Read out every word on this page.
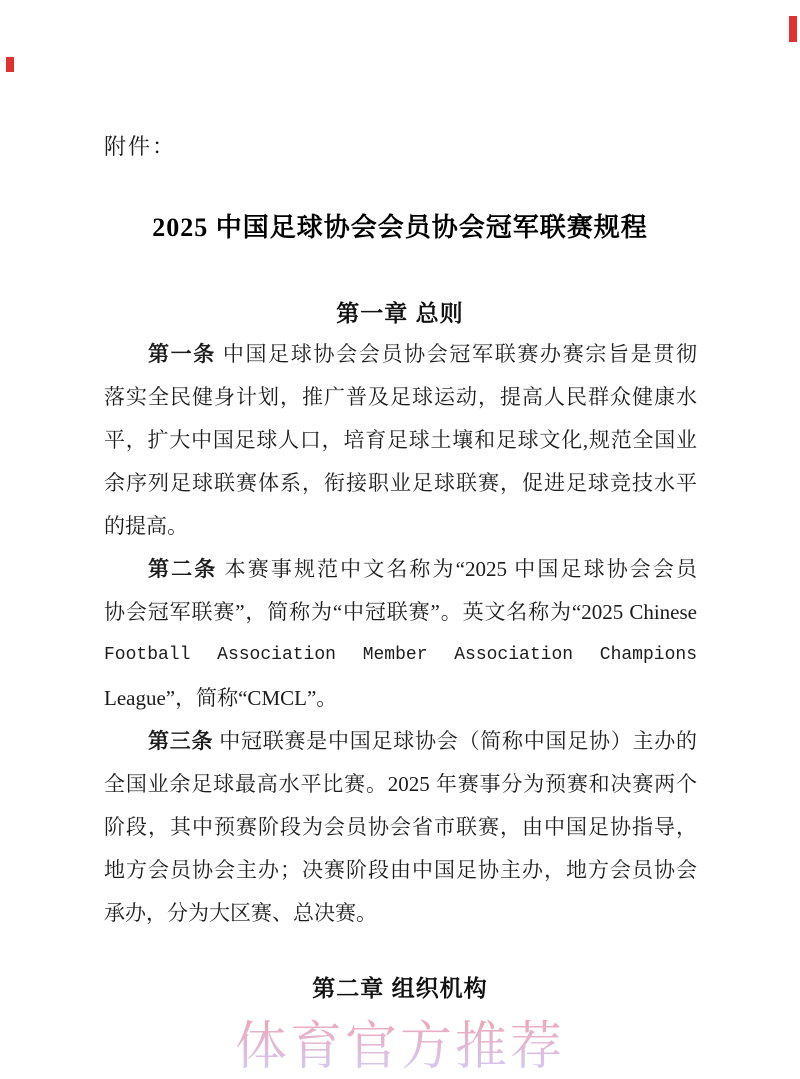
附件：
2025 中国足球协会会员协会冠军联赛规程
第一章 总则
第一条 中国足球协会会员协会冠军联赛办赛宗旨是贯彻
落实全民健身计划，推广普及足球运动，提高人民群众健康水
平，扩大中国足球人口，培育足球土壤和足球文化,规范全国业
余序列足球联赛体系，衔接职业足球联赛，促进足球竞技水平
的提高。
第二条 本赛事规范中文名称为“2025 中国足球协会会员
协会冠军联赛”，简称为“中冠联赛”。英文名称为“2025 Chinese
Football Association Member Association Champions
League”，简称“CMCL”。
第三条 中冠联赛是中国足球协会（简称中国足协）主办的
全国业余足球最高水平比赛。2025 年赛事分为预赛和决赛两个
阶段，其中预赛阶段为会员协会省市联赛，由中国足协指导，
地方会员协会主办；决赛阶段由中国足协主办，地方会员协会
承办，分为大区赛、总决赛。
第二章 组织机构
体育官方推荐
